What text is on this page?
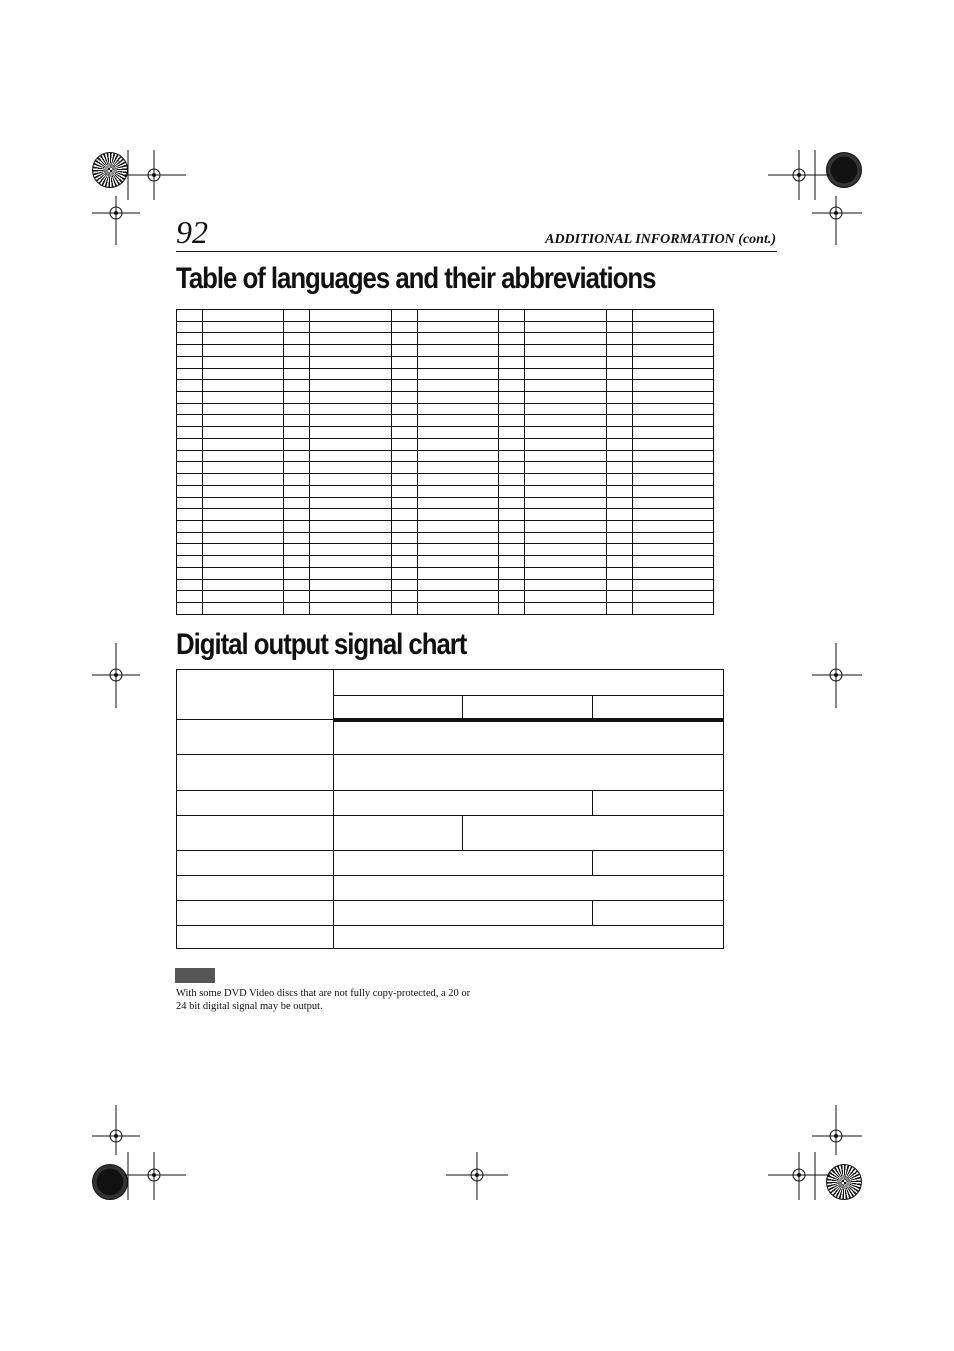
92	ADDITIONAL INFORMATION (cont.)
Table of languages and their abbreviations

Digital output signal chart

With some DVD Video discs that are not fully copy-protected, a 20 or 24 bit digital signal may be output.
